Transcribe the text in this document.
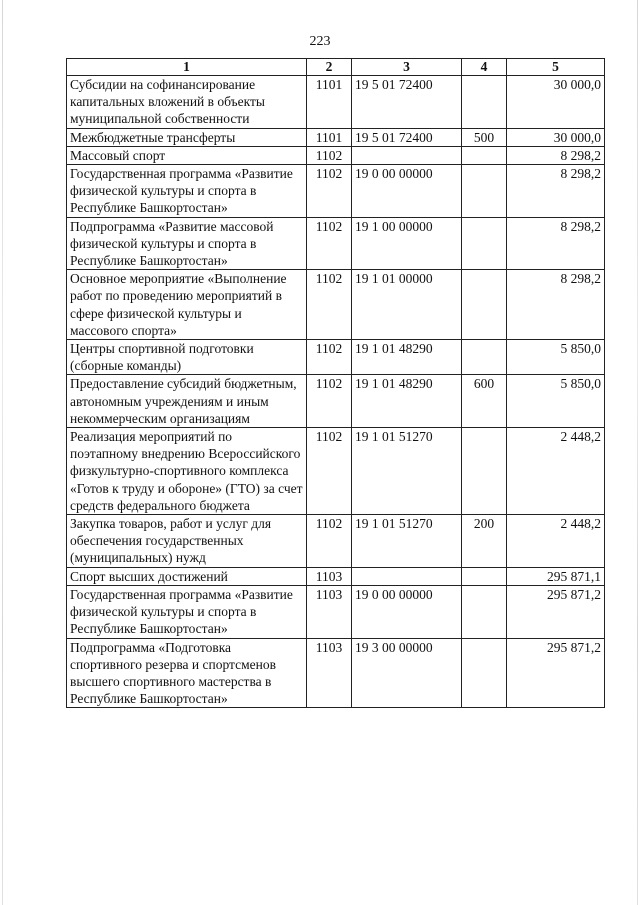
223
1	2	3	4	5
Субсидии на софинансирование капитальных вложений в объекты муниципальной собственности	1101	19 5 01 72400		30 000,0
Межбюджетные трансферты	1101	19 5 01 72400	500	30 000,0
Массовый спорт	1102			8 298,2
Государственная программа «Развитие физической культуры и спорта в Республике Башкортостан»	1102	19 0 00 00000		8 298,2
Подпрограмма «Развитие массовой физической культуры и спорта в Республике Башкортостан»	1102	19 1 00 00000		8 298,2
Основное мероприятие «Выполнение работ по проведению мероприятий в сфере физической культуры и массового спорта»	1102	19 1 01 00000		8 298,2
Центры спортивной подготовки (сборные команды)	1102	19 1 01 48290		5 850,0
Предоставление субсидий бюджетным, автономным учреждениям и иным некоммерческим организациям	1102	19 1 01 48290	600	5 850,0
Реализация мероприятий по поэтапному внедрению Всероссийского физкультурно-спортивного комплекса «Готов к труду и обороне» (ГТО) за счет средств федерального бюджета	1102	19 1 01 51270		2 448,2
Закупка товаров, работ и услуг для обеспечения государственных (муниципальных) нужд	1102	19 1 01 51270	200	2 448,2
Спорт высших достижений	1103			295 871,1
Государственная программа «Развитие физической культуры и спорта в Республике Башкортостан»	1103	19 0 00 00000		295 871,2
Подпрограмма «Подготовка спортивного резерва и спортсменов высшего спортивного мастерства в Республике Башкортостан»	1103	19 3 00 00000		295 871,2
